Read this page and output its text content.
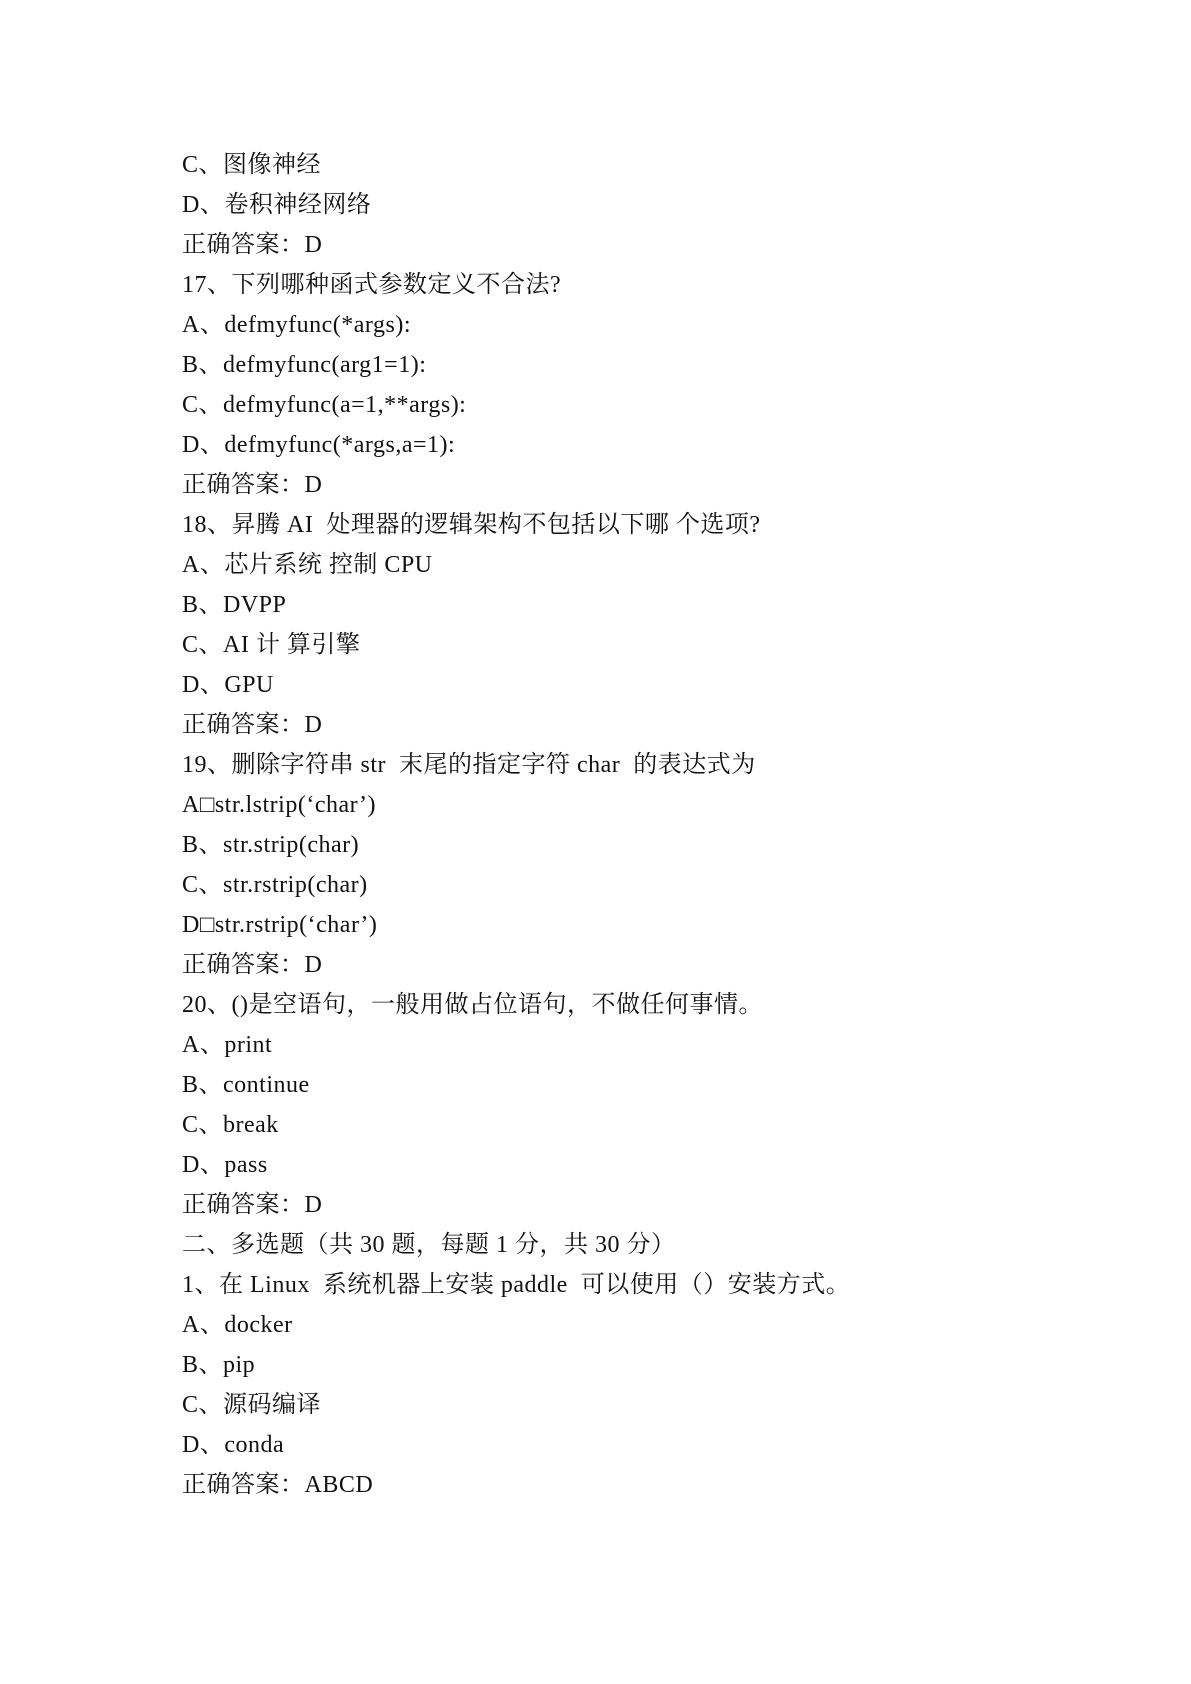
C、图像神经
D、卷积神经网络
正确答案：D
17、下列哪种函式参数定义不合法?
A、defmyfunc(*args):
B、defmyfunc(arg1=1):
C、defmyfunc(a=1,**args):
D、defmyfunc(*args,a=1):
正确答案：D
18、昇腾 AI  处理器的逻辑架构不包括以下哪 个选项?
A、芯片系统 控制 CPU
B、DVPP
C、AI 计 算引擎
D、GPU
正确答案：D
19、删除字符串 str  末尾的指定字符 char  的表达式为
A□str.lstrip(‘char’)
B、str.strip(char)
C、str.rstrip(char)
D□str.rstrip(‘char’)
正确答案：D
20、()是空语句，一般用做占位语句，不做任何事情。
A、print
B、continue
C、break
D、pass
正确答案：D
二、多选题（共 30 题，每题 1 分，共 30 分）
1、在 Linux  系统机器上安装 paddle  可以使用（）安装方式。
A、docker
B、pip
C、源码编译
D、conda
正确答案：ABCD
